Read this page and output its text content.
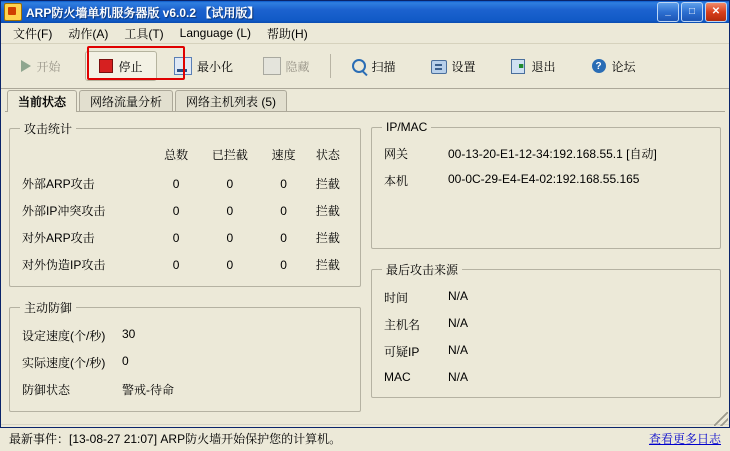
ARP防火墙单机服务器版 v6.0.2 【试用版】	_	□	✕
文件(F)	动作(A)	工具(T)	Language (L)	帮助(H)
开始	停止	最小化	隐藏	扫描	设置	退出	? 论坛
当前状态	网络流量分析	网络主机列表 (5)
攻击统计
	总数	已拦截	速度	状态
外部ARP攻击	0	0	0	拦截
外部IP冲突攻击	0	0	0	拦截
对外ARP攻击	0	0	0	拦截
对外伪造IP攻击	0	0	0	拦截
主动防御
设定速度(个/秒)	30
实际速度(个/秒)	0
防御状态	警戒-待命
IP/MAC
网关	00-13-20-E1-12-34:192.168.55.1 [自动]
本机	00-0C-29-E4-E4-02:192.168.55.165
最后攻击来源
时间	N/A
主机名	N/A
可疑IP	N/A
MAC	N/A
最新事件：[13-08-27 21:07] ARP防火墙开始保护您的计算机。	查看更多日志
